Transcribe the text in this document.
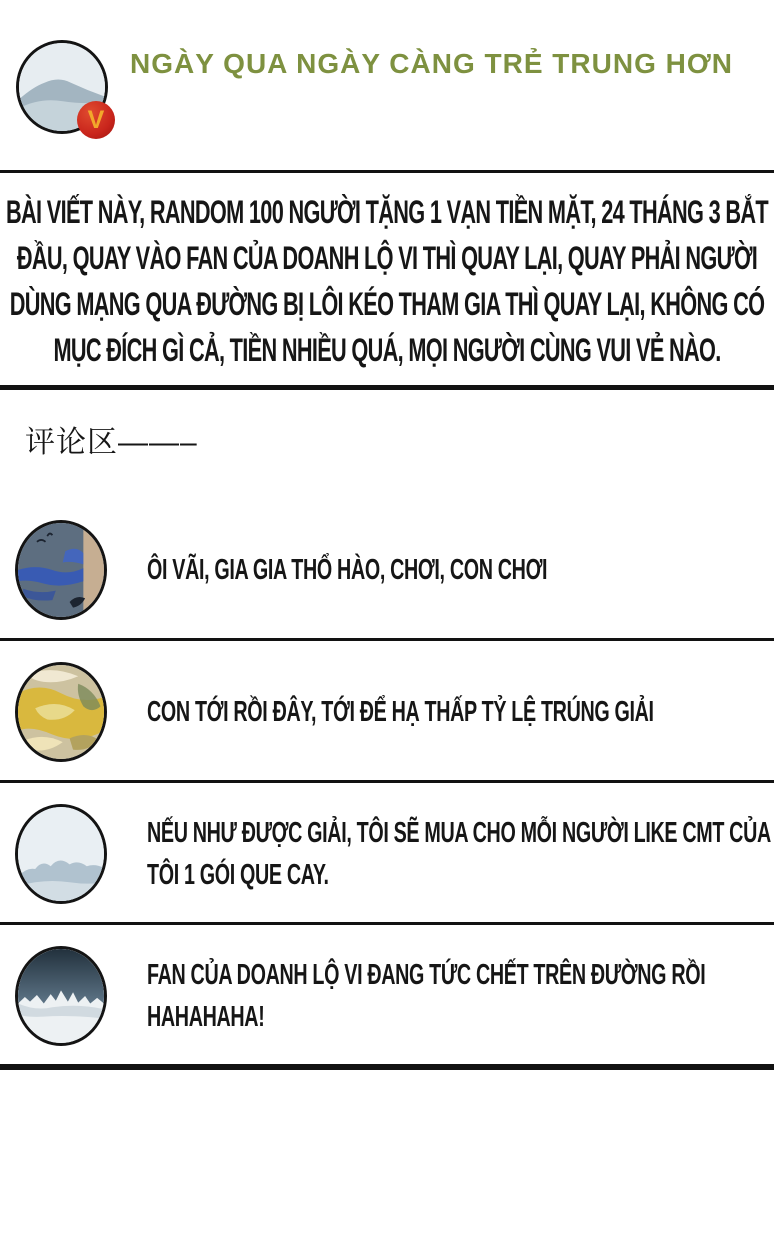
V
NGÀY QUA NGÀY CÀNG TRẺ TRUNG HƠN
BÀI VIẾT NÀY, RANDOM 100 NGƯỜI TẶNG 1 VẠN TIỀN MẶT, 24 THÁNG 3 BẮT ĐẦU, QUAY VÀO FAN CỦA DOANH LỘ VI THÌ QUAY LẠI, QUAY PHẢI NGƯỜI DÙNG MẠNG QUA ĐƯỜNG BỊ LÔI KÉO THAM GIA THÌ QUAY LẠI, KHÔNG CÓ MỤC ĐÍCH GÌ CẢ, TIỀN NHIỀU QUÁ, MỌI NGƯỜI CÙNG VUI VẺ NÀO.
评论区——–
ÔI VÃI, GIA GIA THỔ HÀO, CHƠI, CON CHƠI
CON TỚI RỒI ĐÂY, TỚI ĐỂ HẠ THẤP TỶ LỆ TRÚNG GIẢI
NẾU NHƯ ĐƯỢC GIẢI, TÔI SẼ MUA CHO MỖI NGƯỜI LIKE CMT CỦA TÔI 1 GÓI QUE CAY.
FAN CỦA DOANH LỘ VI ĐANG TỨC CHẾT TRÊN ĐƯỜNG RỒI HAHAHAHA!
